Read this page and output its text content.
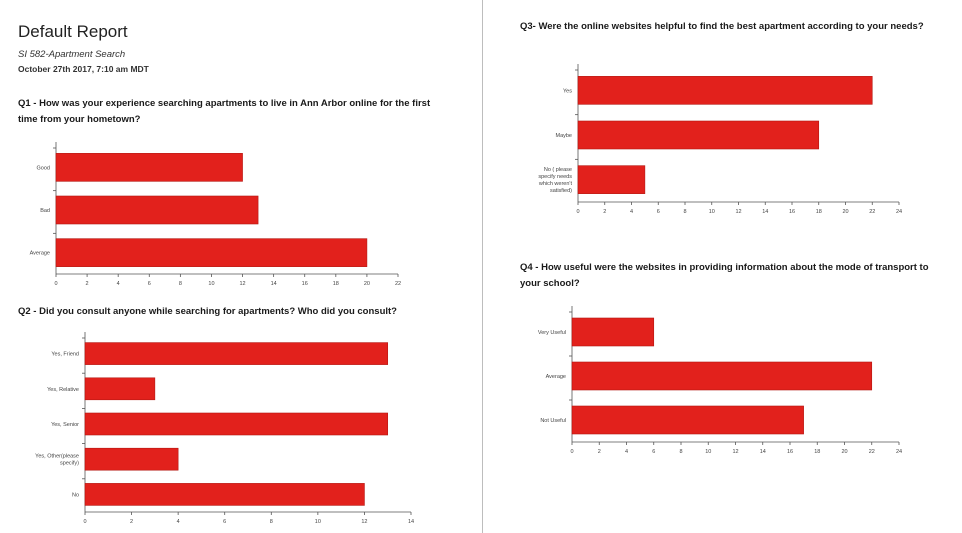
Default Report
SI 582-Apartment Search
October 27th 2017, 7:10 am MDT
Q1 - How was your experience searching apartments to live in Ann Arbor online for the first time from your hometown?
0	2	4	6	8	10	12	14	16	18	20	22
Good
Bad
Average
Q2 - Did you consult anyone while searching for apartments? Who did you consult?
0	2	4	6	8	10	12	14
Yes, Friend
Yes, Relative
Yes, Senior
Yes, Other(please specify)
No
Q3- Were the online websites helpful to find the best apartment according to your needs?
0	2	4	6	8	10	12	14	16	18	20	22	24
Yes
Maybe
No ( please specify needs which weren't satisfied)
Q4 - How useful were the websites in providing information about the mode of transport to your school?
0	2	4	6	8	10	12	14	16	18	20	22	24
Very Useful
Average
Not Useful
